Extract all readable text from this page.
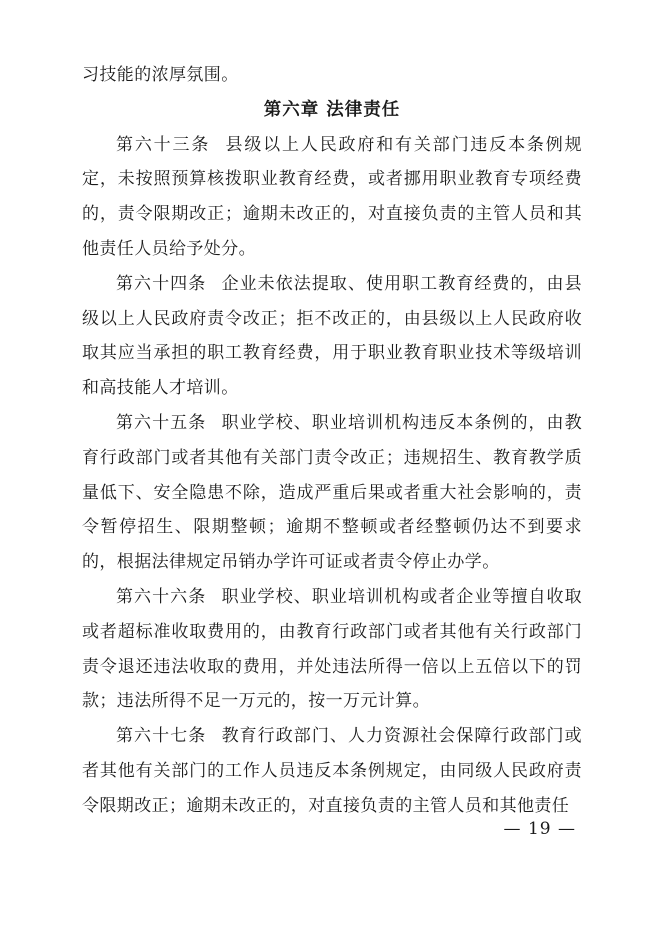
习技能的浓厚氛围。

第六章 法律责任

第六十三条 县级以上人民政府和有关部门违反本条例规定，未按照预算核拨职业教育经费，或者挪用职业教育专项经费的，责令限期改正；逾期未改正的，对直接负责的主管人员和其他责任人员给予处分。

第六十四条 企业未依法提取、使用职工教育经费的，由县级以上人民政府责令改正；拒不改正的，由县级以上人民政府收取其应当承担的职工教育经费，用于职业教育职业技术等级培训和高技能人才培训。

第六十五条 职业学校、职业培训机构违反本条例的，由教育行政部门或者其他有关部门责令改正；违规招生、教育教学质量低下、安全隐患不除，造成严重后果或者重大社会影响的，责令暂停招生、限期整顿；逾期不整顿或者经整顿仍达不到要求的，根据法律规定吊销办学许可证或者责令停止办学。

第六十六条 职业学校、职业培训机构或者企业等擅自收取或者超标准收取费用的，由教育行政部门或者其他有关行政部门责令退还违法收取的费用，并处违法所得一倍以上五倍以下的罚款；违法所得不足一万元的，按一万元计算。

第六十七条 教育行政部门、人力资源社会保障行政部门或者其他有关部门的工作人员违反本条例规定，由同级人民政府责令限期改正；逾期未改正的，对直接负责的主管人员和其他责任

— 19 —
